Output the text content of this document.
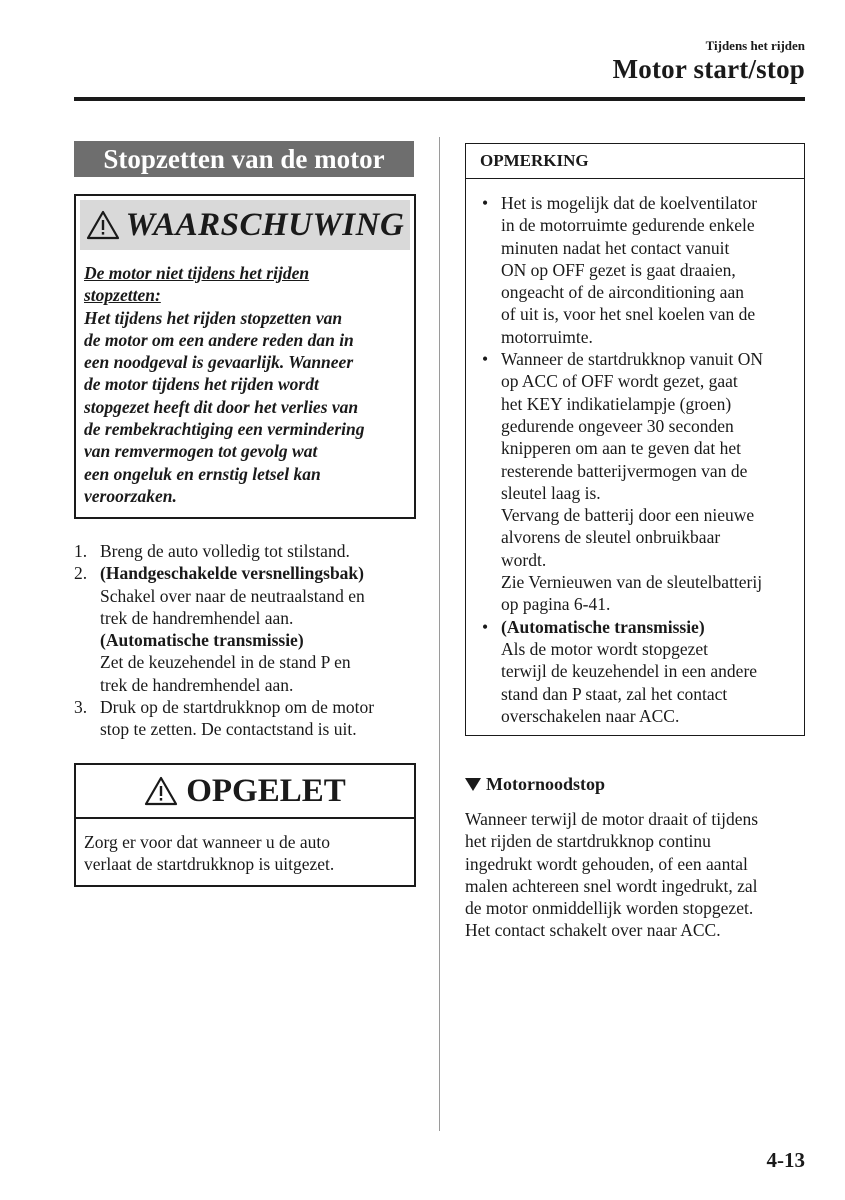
Tijdens het rijden
Motor start/stop
Stopzetten van de motor
WAARSCHUWING
De motor niet tijdens het rijden
stopzetten:
Het tijdens het rijden stopzetten van
de motor om een andere reden dan in
een noodgeval is gevaarlijk. Wanneer
de motor tijdens het rijden wordt
stopgezet heeft dit door het verlies van
de rembekrachtiging een vermindering
van remvermogen tot gevolg wat
een ongeluk en ernstig letsel kan
veroorzaken.
1. Breng de auto volledig tot stilstand.
2. (Handgeschakelde versnellingsbak)
Schakel over naar de neutraalstand en
trek de handremhendel aan.
(Automatische transmissie)
Zet de keuzehendel in de stand P en
trek de handremhendel aan.
3. Druk op de startdrukknop om de motor
stop te zetten. De contactstand is uit.
OPGELET
Zorg er voor dat wanneer u de auto
verlaat de startdrukknop is uitgezet.
OPMERKING
• Het is mogelijk dat de koelventilator
in de motorruimte gedurende enkele
minuten nadat het contact vanuit
ON op OFF gezet is gaat draaien,
ongeacht of de airconditioning aan
of uit is, voor het snel koelen van de
motorruimte.
• Wanneer de startdrukknop vanuit ON
op ACC of OFF wordt gezet, gaat
het KEY indikatielampje (groen)
gedurende ongeveer 30 seconden
knipperen om aan te geven dat het
resterende batterijvermogen van de
sleutel laag is.
Vervang de batterij door een nieuwe
alvorens de sleutel onbruikbaar
wordt.
Zie Vernieuwen van de sleutelbatterij
op pagina 6-41.
• (Automatische transmissie)
Als de motor wordt stopgezet
terwijl de keuzehendel in een andere
stand dan P staat, zal het contact
overschakelen naar ACC.
Motornoodstop
Wanneer terwijl de motor draait of tijdens
het rijden de startdrukknop continu
ingedrukt wordt gehouden, of een aantal
malen achtereen snel wordt ingedrukt, zal
de motor onmiddellijk worden stopgezet.
Het contact schakelt over naar ACC.
4-13
